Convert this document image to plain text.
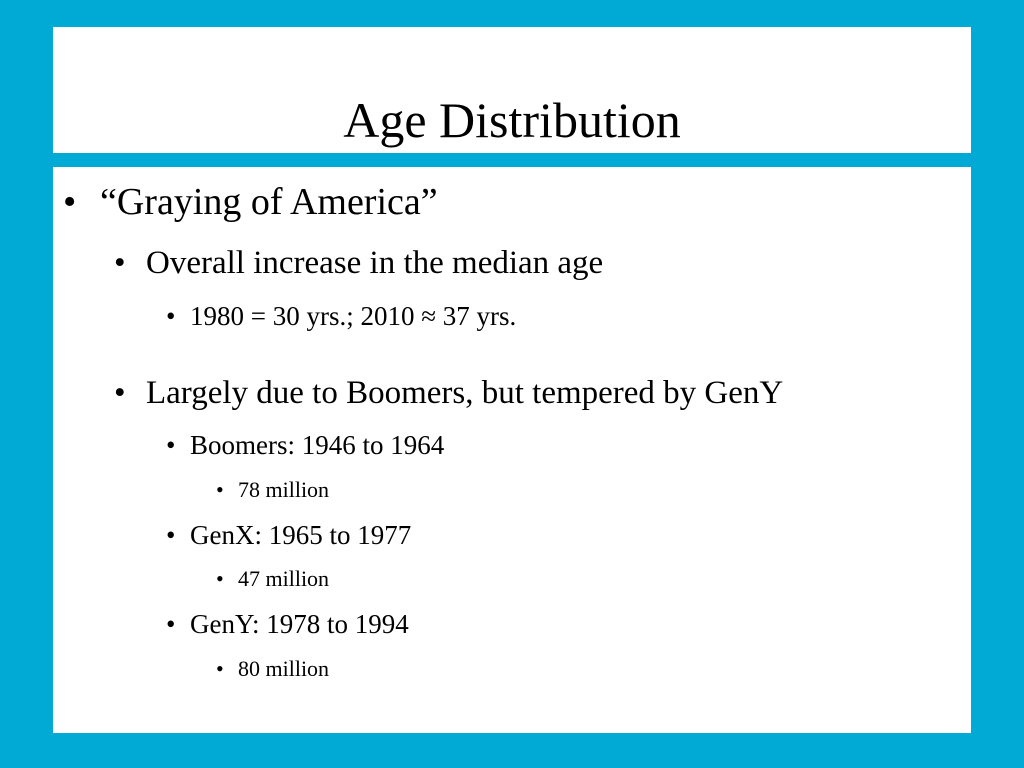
Age Distribution
• “Graying of America”
• Overall increase in the median age
• 1980 = 30 yrs.; 2010 ≈ 37 yrs.
• Largely due to Boomers, but tempered by GenY
• Boomers: 1946 to 1964
• 78 million
• GenX: 1965 to 1977
• 47 million
• GenY: 1978 to 1994
• 80 million
